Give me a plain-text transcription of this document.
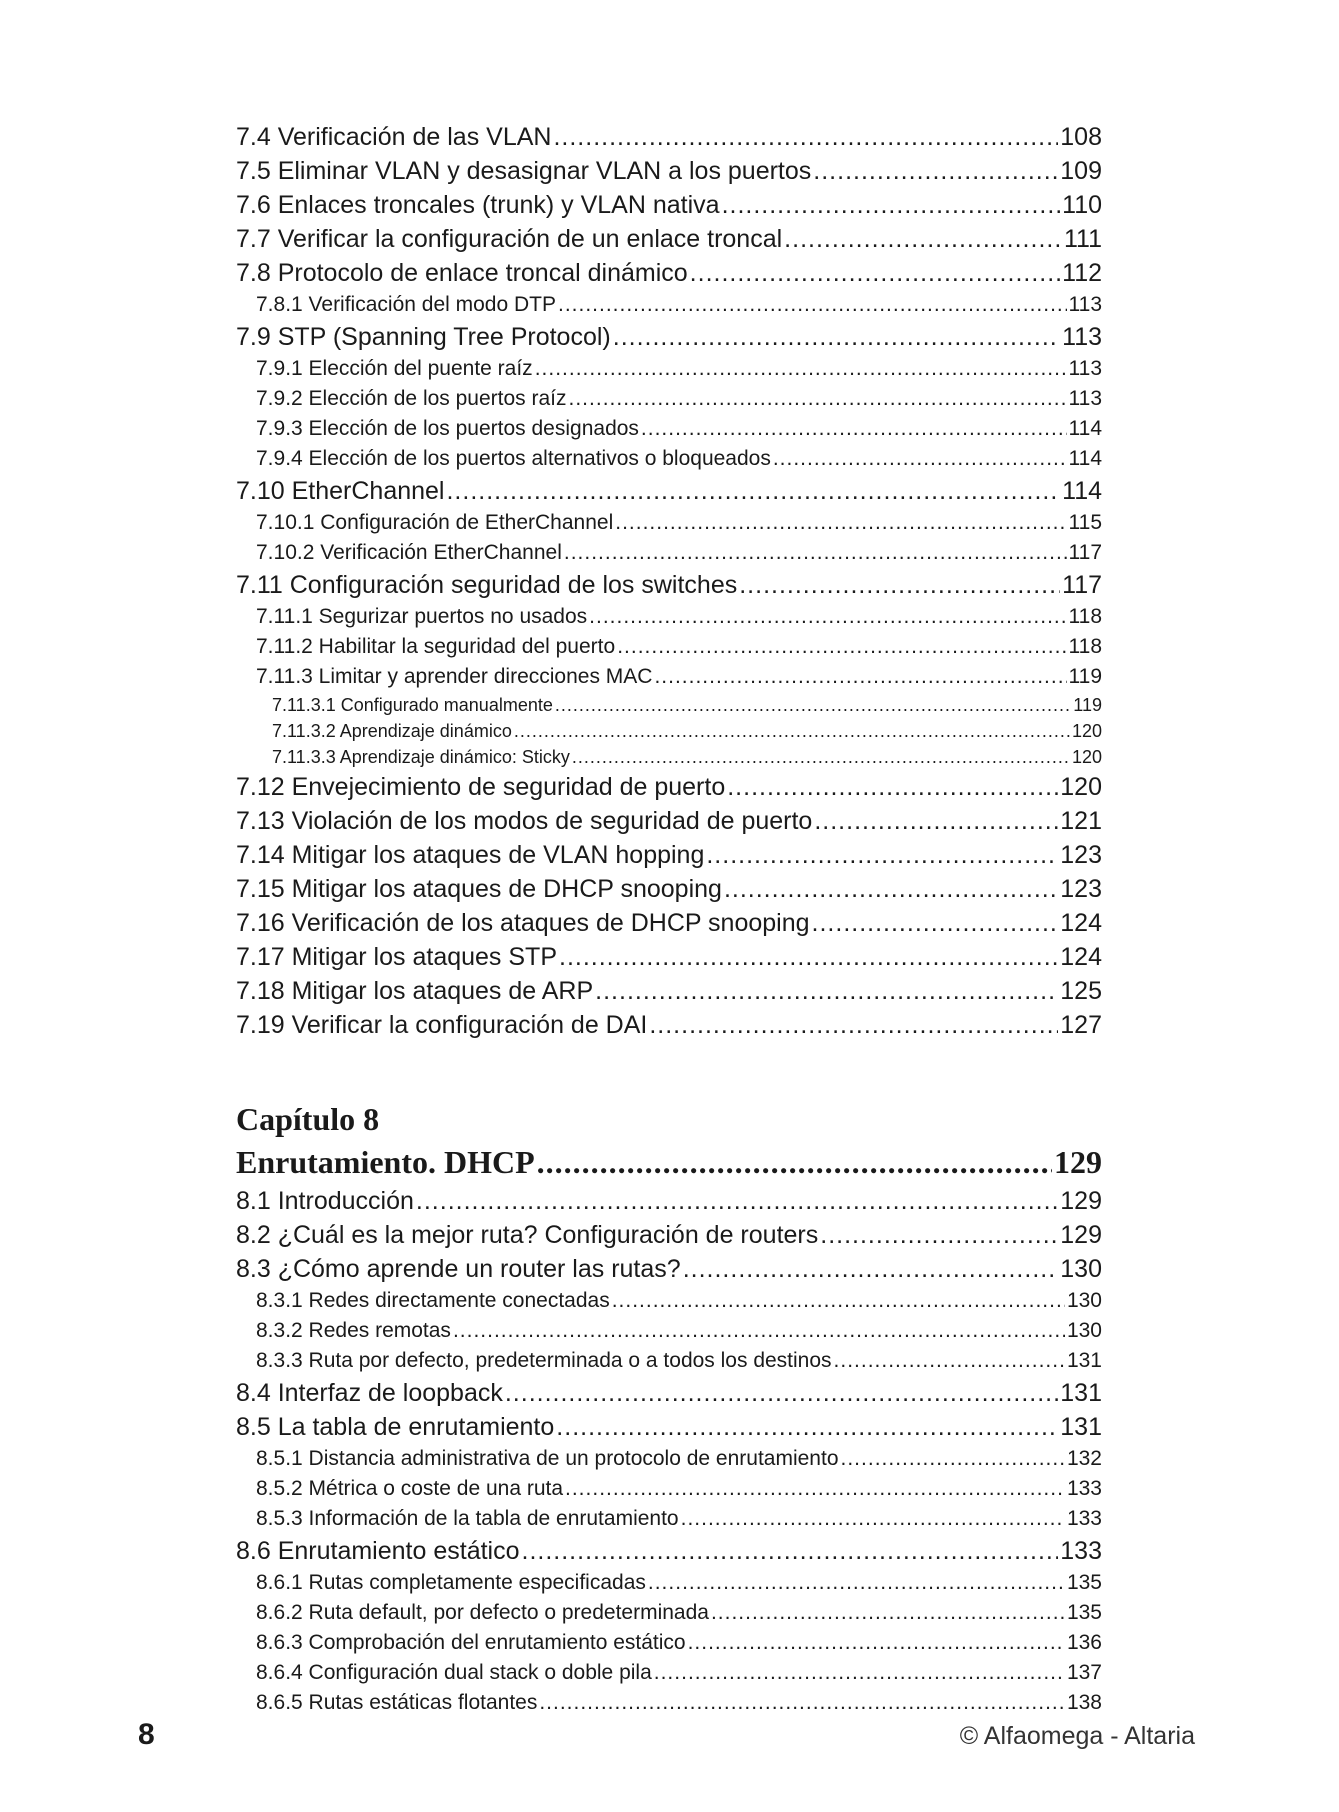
7.4 Verificación de las VLAN .....	108
7.5 Eliminar VLAN y desasignar VLAN a los puertos .....	109
7.6 Enlaces troncales (trunk) y VLAN nativa .....	110
7.7 Verificar la configuración de un enlace troncal .....	111
7.8 Protocolo de enlace troncal dinámico .....	112
7.8.1 Verificación del modo DTP .....	113
7.9 STP (Spanning Tree Protocol) .....	113
7.9.1 Elección del puente raíz .....	113
7.9.2 Elección de los puertos raíz .....	113
7.9.3 Elección de los puertos designados .....	114
7.9.4 Elección de los puertos alternativos o bloqueados .....	114
7.10 EtherChannel .....	114
7.10.1 Configuración de EtherChannel .....	115
7.10.2 Verificación EtherChannel .....	117
7.11 Configuración seguridad de los switches .....	117
7.11.1 Segurizar puertos no usados .....	118
7.11.2 Habilitar la seguridad del puerto .....	118
7.11.3 Limitar y aprender direcciones MAC .....	119
7.11.3.1 Configurado manualmente .....	119
7.11.3.2 Aprendizaje dinámico .....	120
7.11.3.3 Aprendizaje dinámico: Sticky .....	120
7.12 Envejecimiento de seguridad de puerto .....	120
7.13 Violación de los modos de seguridad de puerto .....	121
7.14 Mitigar los ataques de VLAN hopping .....	123
7.15 Mitigar los ataques de DHCP snooping .....	123
7.16 Verificación de los ataques de DHCP snooping .....	124
7.17 Mitigar los ataques STP .....	124
7.18 Mitigar los ataques de ARP .....	125
7.19 Verificar la configuración de DAI .....	127
Capítulo 8
Enrutamiento. DHCP .....	129
8.1 Introducción .....	129
8.2 ¿Cuál es la mejor ruta? Configuración de routers .....	129
8.3 ¿Cómo aprende un router las rutas? .....	130
8.3.1 Redes directamente conectadas .....	130
8.3.2 Redes remotas .....	130
8.3.3 Ruta por defecto, predeterminada o a todos los destinos .....	131
8.4 Interfaz de loopback .....	131
8.5 La tabla de enrutamiento .....	131
8.5.1 Distancia administrativa de un protocolo de enrutamiento .....	132
8.5.2 Métrica o coste de una ruta .....	133
8.5.3 Información de la tabla de enrutamiento .....	133
8.6 Enrutamiento estático .....	133
8.6.1 Rutas completamente especificadas .....	135
8.6.2 Ruta default, por defecto o predeterminada .....	135
8.6.3 Comprobación del enrutamiento estático .....	136
8.6.4 Configuración dual stack o doble pila .....	137
8.6.5 Rutas estáticas flotantes .....	138
8	© Alfaomega - Altaria
